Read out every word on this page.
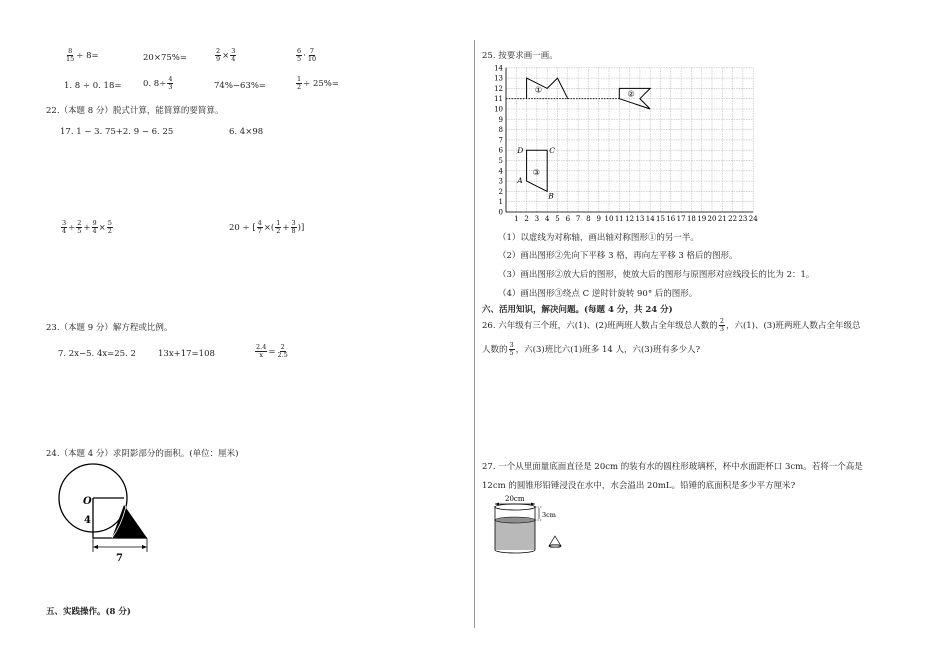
$\frac{8}{15} \div 8=$	20×75%=	$\frac{2}{9} \times \frac{3}{4}$	$\frac{6}{5} \cdot \frac{7}{10}$
1. 8 ÷ 0. 18=	0. $8\div \frac{4}{3}$	74%−63%=	$\frac{1}{2} \div 25\%=$
22.（本题 8 分）脱式计算，能简算的要简算。
17. 1 − 3. 75+2. 9 − 6. 25	6. 4×98
$\frac{3}{4} \div \frac{2}{5} + \frac{9}{4} \times \frac{5}{2}$	20 ÷ [ $\frac{4}{7}$ ×( $\frac{1}{2} + \frac{3}{8}$ )]
23.（本题 9 分）解方程或比例。
7. 2x−5. 4x=25. 2	13x+17=108	$\frac{2.4}{x} = \frac{2}{2.5}$
24.（本题 4 分）求阴影部分的面积。(单位：厘米)
O
4
7
五、实践操作。(8 分)
25. 按要求画一画。
14
13
12
11
10
9
8
7
6
5
4
3
2
1
0
1 2 3 4 5 6 7 8 9 10 11 12 13 14 15 16 17 18 19 20 21 22 23 24
①	②
③
A
B
C
D
（1）以虚线为对称轴，画出轴对称图形①的另一半。
（2）画出图形②先向下平移 3 格，再向左平移 3 格后的图形。
（3）画出图形②放大后的图形，使放大后的图形与原图形对应线段长的比为 2：1。
（4）画出图形③绕点 C 逆时针旋转 90° 后的图形。
六、活用知识，解决问题。(每题 4 分，共 24 分)
26. 六年级有三个班，六(1)、(2)班两班人数占全年级总人数的 $\frac{2}{3}$ ，六(1)、(3)班两班人数占全年级总
人数的 $\frac{3}{5}$ ，六(3)班比六(1)班多 14 人，六(3)班有多少人?
27. 一个从里面量底面直径是 20cm 的装有水的圆柱形玻璃杯，杯中水面距杯口 3cm。若将一个高是
12cm 的圆锥形铅锤浸没在水中，水会溢出 20mL。铅锤的底面积是多少平方厘米?
20cm
3cm
